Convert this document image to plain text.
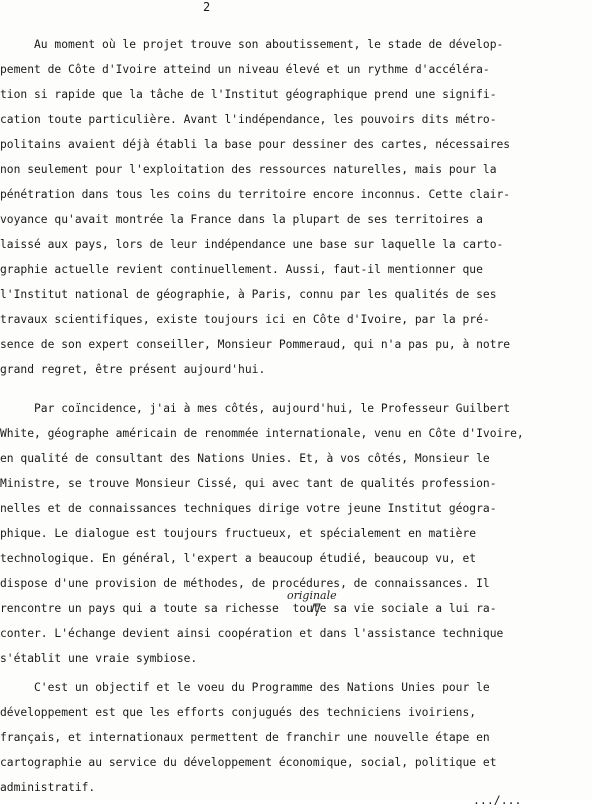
2
Au moment où le projet trouve son aboutissement, le stade de dévelop-
pement de Côte d'Ivoire atteind un niveau élevé et un rythme d'accéléra-
tion si rapide que la tâche de l'Institut géographique prend une signifi-
cation toute particulière. Avant l'indépendance, les pouvoirs dits métro-
politains avaient déjà établi la base pour dessiner des cartes, nécessaires
non seulement pour l'exploitation des ressources naturelles, mais pour la
pénétration dans tous les coins du territoire encore inconnus. Cette clair-
voyance qu'avait montrée la France dans la plupart de ses territoires a
laissé aux pays, lors de leur indépendance une base sur laquelle la carto-
graphie actuelle revient continuellement. Aussi, faut-il mentionner que
l'Institut national de géographie, à Paris, connu par les qualités de ses
travaux scientifiques, existe toujours ici en Côte d'Ivoire, par la pré-
sence de son expert conseiller, Monsieur Pommeraud, qui n'a pas pu, à notre
grand regret, être présent aujourd'hui.
Par coïncidence, j'ai à mes côtés, aujourd'hui, le Professeur Guilbert
White, géographe américain de renommée internationale, venu en Côte d'Ivoire,
en qualité de consultant des Nations Unies. Et, à vos côtés, Monsieur le
Ministre, se trouve Monsieur Cissé, qui avec tant de qualités profession-
nelles et de connaissances techniques dirige votre jeune Institut géogra-
phique. Le dialogue est toujours fructueux, et spécialement en matière
technologique. En général, l'expert a beaucoup étudié, beaucoup vu, et
dispose d'une provision de méthodes, de procédures, de connaissances. Il
rencontre un pays qui a toute sa richesse  toute sa vie sociale a lui ra-
conter. L'échange devient ainsi coopération et dans l'assistance technique
s'établit une vraie symbiose.
C'est un objectif et le voeu du Programme des Nations Unies pour le
développement est que les efforts conjugués des techniciens ivoiriens,
français, et internationaux permettent de franchir une nouvelle étape en
cartographie au service du développement économique, social, politique et
administratif.
originale
.../...
